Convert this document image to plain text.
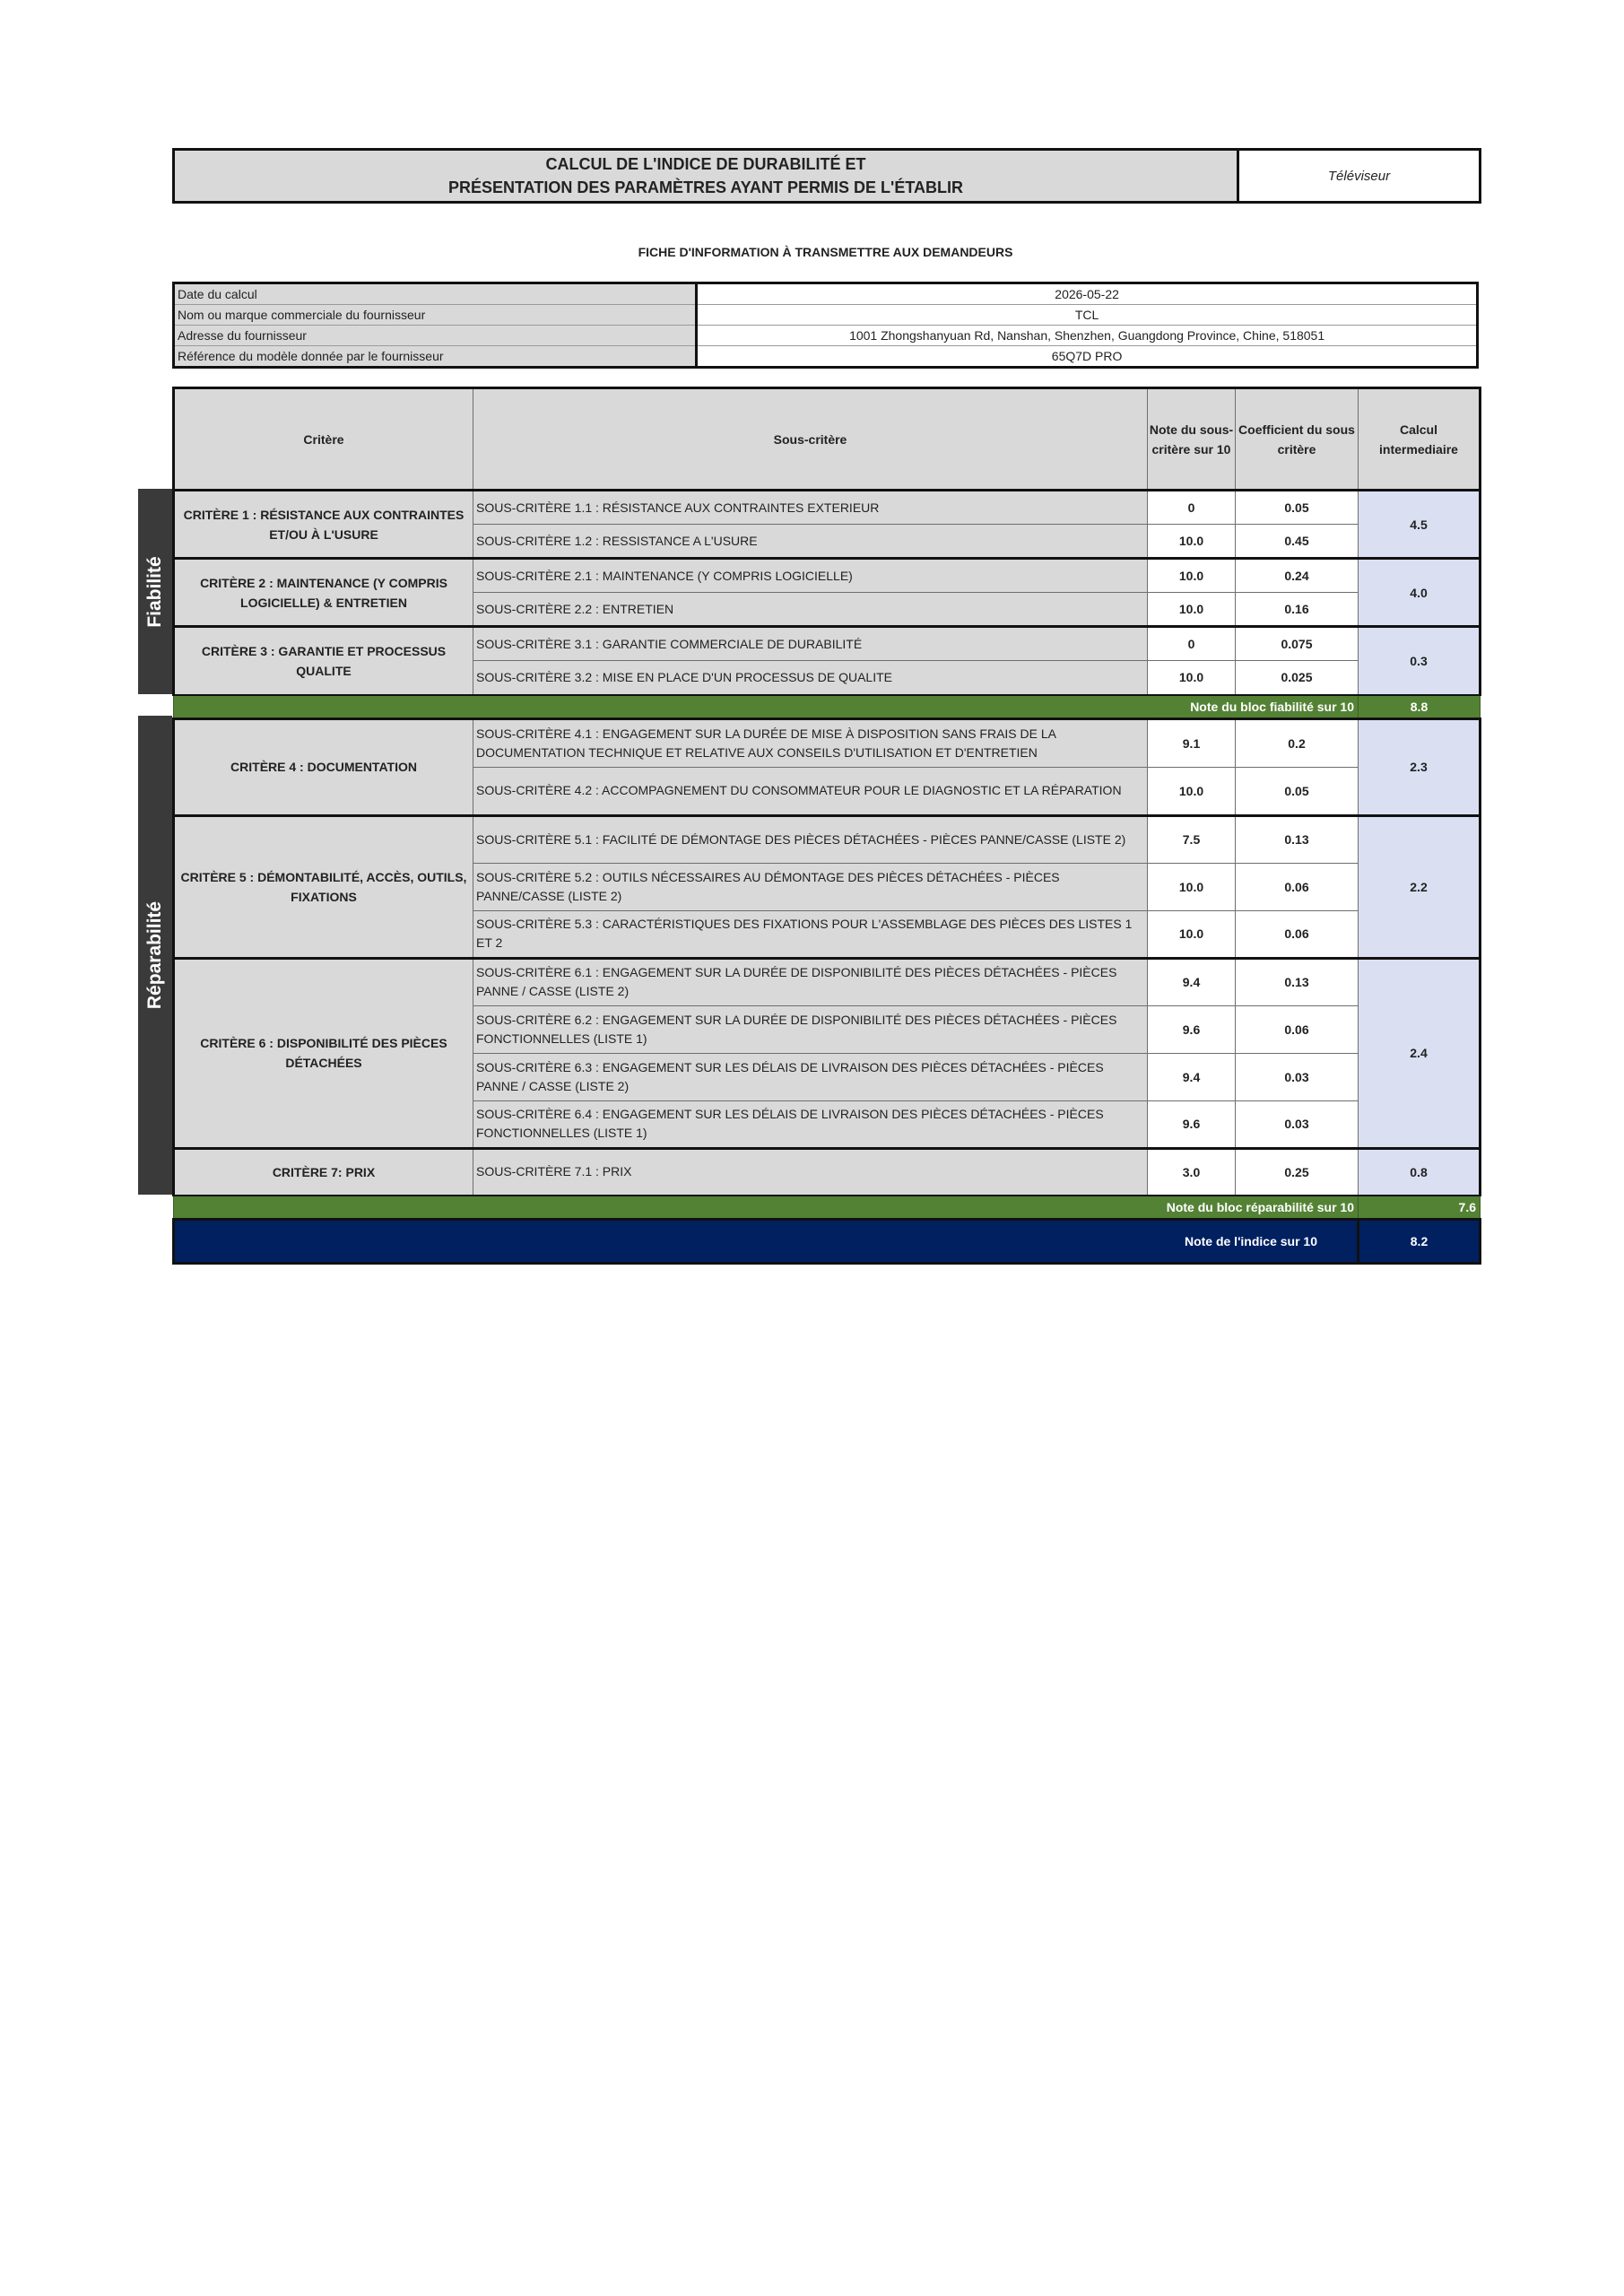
CALCUL DE L'INDICE DE DURABILITÉ ET
PRÉSENTATION DES PARAMÈTRES AYANT PERMIS DE L'ÉTABLIR
	Téléviseur
FICHE D'INFORMATION À TRANSMETTRE AUX DEMANDEURS
Date du calcul	2026-05-22
Nom ou marque commerciale du fournisseur	TCL
Adresse du fournisseur	1001 Zhongshanyuan Rd, Nanshan, Shenzhen, Guangdong Province, Chine, 518051
Référence du modèle donnée par le fournisseur	65Q7D PRO
Fiabilité
Réparabilité
Critère	Sous-critère	Note du sous-critère sur 10	Coefficient du sous critère	Calcul intermediaire
CRITÈRE 1 : RÉSISTANCE AUX CONTRAINTES ET/OU À L'USURE	SOUS-CRITÈRE 1.1 : RÉSISTANCE AUX CONTRAINTES EXTERIEUR	0	0.05	4.5
	SOUS-CRITÈRE 1.2 : RESSISTANCE A L'USURE	10.0	0.45	
CRITÈRE 2 : MAINTENANCE (Y COMPRIS LOGICIELLE) & ENTRETIEN	SOUS-CRITÈRE 2.1 : MAINTENANCE (Y COMPRIS LOGICIELLE)	10.0	0.24	4.0
	SOUS-CRITÈRE 2.2 : ENTRETIEN	10.0	0.16	
CRITÈRE 3 : GARANTIE ET PROCESSUS QUALITE	SOUS-CRITÈRE 3.1 : GARANTIE COMMERCIALE DE DURABILITÉ	0	0.075	0.3
	SOUS-CRITÈRE 3.2 : MISE EN PLACE D'UN PROCESSUS DE QUALITE	10.0	0.025	
Note du bloc fiabilité sur 10				8.8
CRITÈRE 4 : DOCUMENTATION	SOUS-CRITÈRE 4.1 : ENGAGEMENT SUR LA DURÉE DE MISE À DISPOSITION SANS FRAIS DE LA DOCUMENTATION TECHNIQUE ET RELATIVE AUX CONSEILS D'UTILISATION ET D'ENTRETIEN	9.1	0.2	2.3
	SOUS-CRITÈRE 4.2 : ACCOMPAGNEMENT DU CONSOMMATEUR POUR LE DIAGNOSTIC ET LA RÉPARATION	10.0	0.05	
CRITÈRE 5 : DÉMONTABILITÉ, ACCÈS, OUTILS, FIXATIONS	SOUS-CRITÈRE 5.1 : FACILITÉ DE DÉMONTAGE DES PIÈCES DÉTACHÉES - PIÈCES PANNE/CASSE (LISTE 2)	7.5	0.13	2.2
	SOUS-CRITÈRE 5.2 : OUTILS NÉCESSAIRES AU DÉMONTAGE DES PIÈCES DÉTACHÉES - PIÈCES PANNE/CASSE (LISTE 2)	10.0	0.06	
	SOUS-CRITÈRE 5.3 : CARACTÉRISTIQUES DES FIXATIONS POUR L'ASSEMBLAGE DES PIÈCES DES LISTES 1 ET 2	10.0	0.06	
CRITÈRE 6 : DISPONIBILITÉ DES PIÈCES DÉTACHÉES	SOUS-CRITÈRE 6.1 : ENGAGEMENT SUR LA DURÉE DE DISPONIBILITÉ DES PIÈCES DÉTACHÉES - PIÈCES PANNE / CASSE (LISTE 2)	9.4	0.13	2.4
	SOUS-CRITÈRE 6.2 : ENGAGEMENT SUR LA DURÉE DE DISPONIBILITÉ DES PIÈCES DÉTACHÉES - PIÈCES FONCTIONNELLES (LISTE 1)	9.6	0.06	
	SOUS-CRITÈRE 6.3 : ENGAGEMENT SUR LES DÉLAIS DE LIVRAISON DES PIÈCES DÉTACHÉES - PIÈCES PANNE / CASSE (LISTE 2)	9.4	0.03	
	SOUS-CRITÈRE 6.4 : ENGAGEMENT SUR LES DÉLAIS DE LIVRAISON DES PIÈCES DÉTACHÉES - PIÈCES FONCTIONNELLES (LISTE 1)	9.6	0.03	
CRITÈRE 7: PRIX	SOUS-CRITÈRE 7.1 : PRIX	3.0	0.25	0.8
Note du bloc réparabilité sur 10				7.6
Note de l'indice sur 10				8.2
